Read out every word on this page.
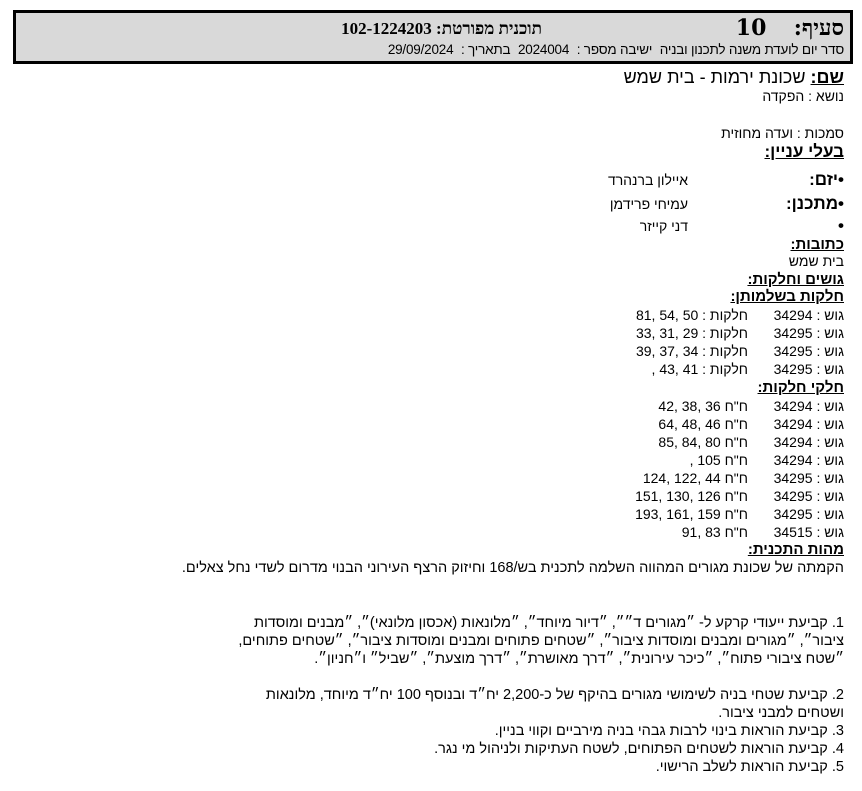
סעיף:  10
תוכנית מפורטת: 102-1224203
סדר יום לועדת משנה לתכנון ובניה ישיבה מספר : 2024004 בתאריך : 29/09/2024
שם: שכונת ירמות - בית שמש
נושא : הפקדה
סמכות : ועדה מחוזית
בעלי עניין:
•יזם:
איילון ברנהרד
•מתכנן:
עמיחי פרידמן
•
דני קייזר
כתובות:
בית שמש
גושים וחלקות:
חלקות בשלמותן:
גוש : 34294
חלקות : 50 ,54 ,81
גוש : 34295
חלקות : 29 ,31 ,33
גוש : 34295
חלקות : 34 ,37 ,39
גוש : 34295
חלקות : 41 ,43 ,
חלקי חלקות:
גוש : 34294
ח"ח 36 ,38 ,42
גוש : 34294
ח"ח 46 ,48 ,64
גוש : 34294
ח"ח 80 ,84 ,85
גוש : 34294
ח"ח 105 ,
גוש : 34295
ח"ח 44 ,122 ,124
גוש : 34295
ח"ח 126 ,130 ,151
גוש : 34295
ח"ח 159 ,161 ,193
גוש : 34515
ח"ח 83 ,91
מהות התכנית:
הקמתה של שכונת מגורים המהווה השלמה לתכנית בש/168 וחיזוק הרצף העירוני הבנוי מדרום לשדי נחל צאלים.
1. קביעת ייעודי קרקע ל- ״מגורים ד״״, ״דיור מיוחד״, ״מלונאות (אכסון מלונאי)״, ״מבנים ומוסדות ציבור״, ״מגורים ומבנים ומוסדות ציבור״, ״שטחים פתוחים ומבנים ומוסדות ציבור״, ״שטחים פתוחים, ״שטח ציבורי פתוח״, ״כיכר עירונית״, ״דרך מאושרת״, ״דרך מוצעת״, ״שביל״ ו״חניון״.
2. קביעת שטחי בניה לשימושי מגורים בהיקף של כ-2,200 יח״ד ובנוסף 100 יח״ד מיוחד, מלונאות ושטחים למבני ציבור.
3. קביעת הוראות בינוי לרבות גבהי בניה מירביים וקווי בניין.
4. קביעת הוראות לשטחים הפתוחים, לשטח העתיקות ולניהול מי נגר.
5. קביעת הוראות לשלב הרישוי.
